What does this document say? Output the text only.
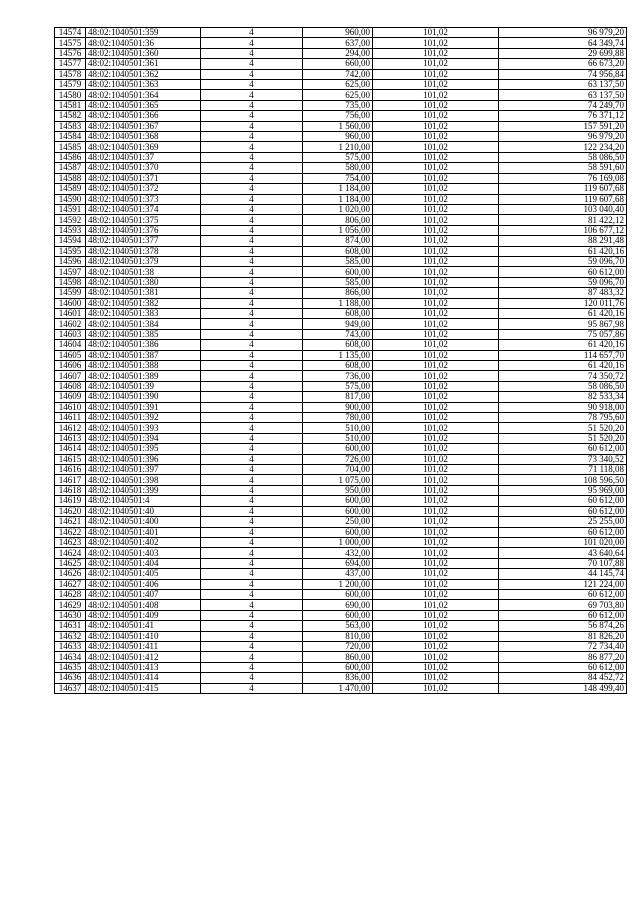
14574	48:02:1040501:359	4	960,00	101,02	96 979,20
14575	48:02:1040501:36	4	637,00	101,02	64 349,74
14576	48:02:1040501:360	4	294,00	101,02	29 699,88
14577	48:02:1040501:361	4	660,00	101,02	66 673,20
14578	48:02:1040501:362	4	742,00	101,02	74 956,84
14579	48:02:1040501:363	4	625,00	101,02	63 137,50
14580	48:02:1040501:364	4	625,00	101,02	63 137,50
14581	48:02:1040501:365	4	735,00	101,02	74 249,70
14582	48:02:1040501:366	4	756,00	101,02	76 371,12
14583	48:02:1040501:367	4	1 560,00	101,02	157 591,20
14584	48:02:1040501:368	4	960,00	101,02	96 979,20
14585	48:02:1040501:369	4	1 210,00	101,02	122 234,20
14586	48:02:1040501:37	4	575,00	101,02	58 086,50
14587	48:02:1040501:370	4	580,00	101,02	58 591,60
14588	48:02:1040501:371	4	754,00	101,02	76 169,08
14589	48:02:1040501:372	4	1 184,00	101,02	119 607,68
14590	48:02:1040501:373	4	1 184,00	101,02	119 607,68
14591	48:02:1040501:374	4	1 020,00	101,02	103 040,40
14592	48:02:1040501:375	4	806,00	101,02	81 422,12
14593	48:02:1040501:376	4	1 056,00	101,02	106 677,12
14594	48:02:1040501:377	4	874,00	101,02	88 291,48
14595	48:02:1040501:378	4	608,00	101,02	61 420,16
14596	48:02:1040501:379	4	585,00	101,02	59 096,70
14597	48:02:1040501:38	4	600,00	101,02	60 612,00
14598	48:02:1040501:380	4	585,00	101,02	59 096,70
14599	48:02:1040501:381	4	866,00	101,02	87 483,32
14600	48:02:1040501:382	4	1 188,00	101,02	120 011,76
14601	48:02:1040501:383	4	608,00	101,02	61 420,16
14602	48:02:1040501:384	4	949,00	101,02	95 867,98
14603	48:02:1040501:385	4	743,00	101,02	75 057,86
14604	48:02:1040501:386	4	608,00	101,02	61 420,16
14605	48:02:1040501:387	4	1 135,00	101,02	114 657,70
14606	48:02:1040501:388	4	608,00	101,02	61 420,16
14607	48:02:1040501:389	4	736,00	101,02	74 350,72
14608	48:02:1040501:39	4	575,00	101,02	58 086,50
14609	48:02:1040501:390	4	817,00	101,02	82 533,34
14610	48:02:1040501:391	4	900,00	101,02	90 918,00
14611	48:02:1040501:392	4	780,00	101,02	78 795,60
14612	48:02:1040501:393	4	510,00	101,02	51 520,20
14613	48:02:1040501:394	4	510,00	101,02	51 520,20
14614	48:02:1040501:395	4	600,00	101,02	60 612,00
14615	48:02:1040501:396	4	726,00	101,02	73 340,52
14616	48:02:1040501:397	4	704,00	101,02	71 118,08
14617	48:02:1040501:398	4	1 075,00	101,02	108 596,50
14618	48:02:1040501:399	4	950,00	101,02	95 969,00
14619	48:02:1040501:4	4	600,00	101,02	60 612,00
14620	48:02:1040501:40	4	600,00	101,02	60 612,00
14621	48:02:1040501:400	4	250,00	101,02	25 255,00
14622	48:02:1040501:401	4	600,00	101,02	60 612,00
14623	48:02:1040501:402	4	1 000,00	101,02	101 020,00
14624	48:02:1040501:403	4	432,00	101,02	43 640,64
14625	48:02:1040501:404	4	694,00	101,02	70 107,88
14626	48:02:1040501:405	4	437,00	101,02	44 145,74
14627	48:02:1040501:406	4	1 200,00	101,02	121 224,00
14628	48:02:1040501:407	4	600,00	101,02	60 612,00
14629	48:02:1040501:408	4	690,00	101,02	69 703,80
14630	48:02:1040501:409	4	600,00	101,02	60 612,00
14631	48:02:1040501:41	4	563,00	101,02	56 874,26
14632	48:02:1040501:410	4	810,00	101,02	81 826,20
14633	48:02:1040501:411	4	720,00	101,02	72 734,40
14634	48:02:1040501:412	4	860,00	101,02	86 877,20
14635	48:02:1040501:413	4	600,00	101,02	60 612,00
14636	48:02:1040501:414	4	836,00	101,02	84 452,72
14637	48:02:1040501:415	4	1 470,00	101,02	148 499,40
